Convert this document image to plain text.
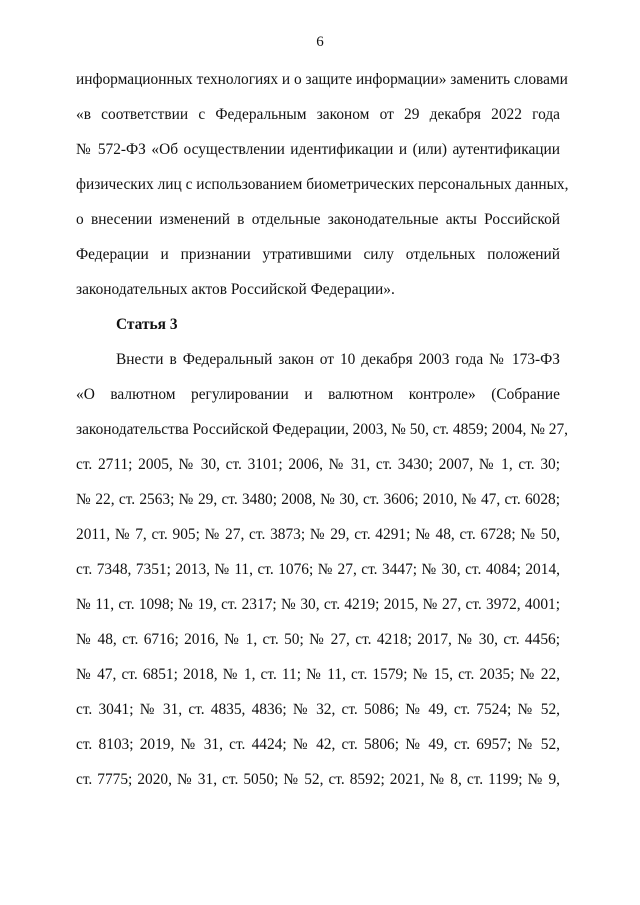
6
информационных технологиях и о защите информации» заменить словами
«в соответствии с Федеральным законом от 29 декабря 2022 года
№ 572-ФЗ «Об осуществлении идентификации и (или) аутентификации
физических лиц с использованием биометрических персональных данных,
о внесении изменений в отдельные законодательные акты Российской
Федерации и признании утратившими силу отдельных положений
законодательных актов Российской Федерации».
Статья 3
Внести в Федеральный закон от 10 декабря 2003 года № 173-ФЗ
«О валютном регулировании и валютном контроле» (Собрание
законодательства Российской Федерации, 2003, № 50, ст. 4859; 2004, № 27,
ст. 2711; 2005, № 30, ст. 3101; 2006, № 31, ст. 3430; 2007, № 1, ст. 30;
№ 22, ст. 2563; № 29, ст. 3480; 2008, № 30, ст. 3606; 2010, № 47, ст. 6028;
2011, № 7, ст. 905; № 27, ст. 3873; № 29, ст. 4291; № 48, ст. 6728; № 50,
ст. 7348, 7351; 2013, № 11, ст. 1076; № 27, ст. 3447; № 30, ст. 4084; 2014,
№ 11, ст. 1098; № 19, ст. 2317; № 30, ст. 4219; 2015, № 27, ст. 3972, 4001;
№ 48, ст. 6716; 2016, № 1, ст. 50; № 27, ст. 4218; 2017, № 30, ст. 4456;
№ 47, ст. 6851; 2018, № 1, ст. 11; № 11, ст. 1579; № 15, ст. 2035; № 22,
ст. 3041; № 31, ст. 4835, 4836; № 32, ст. 5086; № 49, ст. 7524; № 52,
ст. 8103; 2019, № 31, ст. 4424; № 42, ст. 5806; № 49, ст. 6957; № 52,
ст. 7775; 2020, № 31, ст. 5050; № 52, ст. 8592; 2021, № 8, ст. 1199; № 9,
